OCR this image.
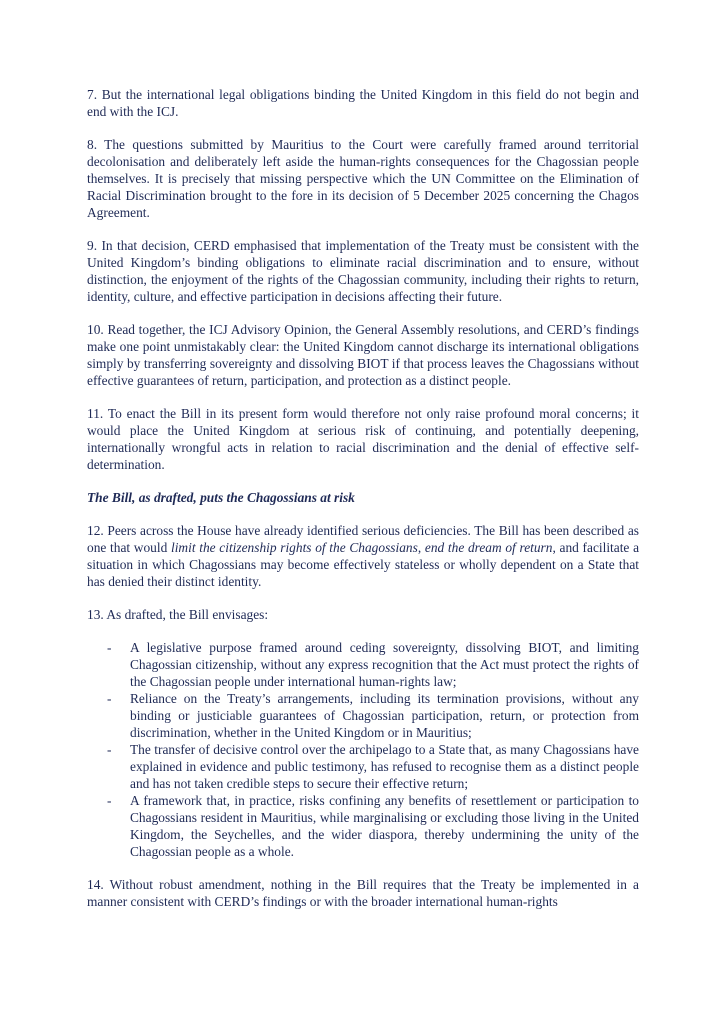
7. But the international legal obligations binding the United Kingdom in this field do not begin and end with the ICJ.

8. The questions submitted by Mauritius to the Court were carefully framed around territorial decolonisation and deliberately left aside the human-rights consequences for the Chagossian people themselves. It is precisely that missing perspective which the UN Committee on the Elimination of Racial Discrimination brought to the fore in its decision of 5 December 2025 concerning the Chagos Agreement.

9. In that decision, CERD emphasised that implementation of the Treaty must be consistent with the United Kingdom’s binding obligations to eliminate racial discrimination and to ensure, without distinction, the enjoyment of the rights of the Chagossian community, including their rights to return, identity, culture, and effective participation in decisions affecting their future.

10. Read together, the ICJ Advisory Opinion, the General Assembly resolutions, and CERD’s findings make one point unmistakably clear: the United Kingdom cannot discharge its international obligations simply by transferring sovereignty and dissolving BIOT if that process leaves the Chagossians without effective guarantees of return, participation, and protection as a distinct people.

11. To enact the Bill in its present form would therefore not only raise profound moral concerns; it would place the United Kingdom at serious risk of continuing, and potentially deepening, internationally wrongful acts in relation to racial discrimination and the denial of effective self-determination.

The Bill, as drafted, puts the Chagossians at risk

12. Peers across the House have already identified serious deficiencies. The Bill has been described as one that would limit the citizenship rights of the Chagossians, end the dream of return, and facilitate a situation in which Chagossians may become effectively stateless or wholly dependent on a State that has denied their distinct identity.

13. As drafted, the Bill envisages:

- A legislative purpose framed around ceding sovereignty, dissolving BIOT, and limiting Chagossian citizenship, without any express recognition that the Act must protect the rights of the Chagossian people under international human-rights law;
- Reliance on the Treaty’s arrangements, including its termination provisions, without any binding or justiciable guarantees of Chagossian participation, return, or protection from discrimination, whether in the United Kingdom or in Mauritius;
- The transfer of decisive control over the archipelago to a State that, as many Chagossians have explained in evidence and public testimony, has refused to recognise them as a distinct people and has not taken credible steps to secure their effective return;
- A framework that, in practice, risks confining any benefits of resettlement or participation to Chagossians resident in Mauritius, while marginalising or excluding those living in the United Kingdom, the Seychelles, and the wider diaspora, thereby undermining the unity of the Chagossian people as a whole.

14. Without robust amendment, nothing in the Bill requires that the Treaty be implemented in a manner consistent with CERD’s findings or with the broader international human-rights
